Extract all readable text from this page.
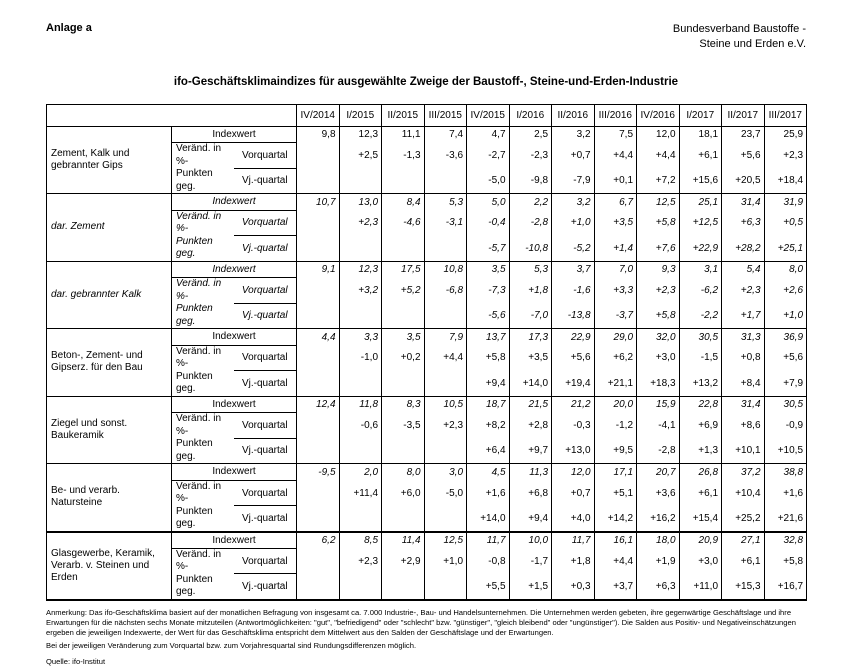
Anlage a	Bundesverband Baustoffe -
Steine und Erden e.V.
ifo-Geschäftsklimaindizes für ausgewählte Zweige der Baustoff-, Steine-und-Erden-Industrie
			IV/2014	I/2015	II/2015	III/2015	IV/2015	I/2016	II/2016	III/2016	IV/2016	I/2017	II/2017	III/2017
Zement, Kalk und gebrannter Gips	Indexwert		9,8	12,3	11,1	7,4	4,7	2,5	3,2	7,5	12,0	18,1	23,7	25,9

	Veränd. in %-
Punkten geg.	Vorquartal		+2,5	-1,3	-3,6	-2,7	-2,3	+0,7	+4,4	+4,4	+6,1	+5,6	+2,3
		Vj.-quartal					-5,0	-9,8	-7,9	+0,1	+7,2	+15,6	+20,5	+18,4
dar. Zement	Indexwert		10,7	13,0	8,4	5,3	5,0	2,2	3,2	6,7	12,5	25,1	31,4	31,9

	Veränd. in %-
Punkten geg.	Vorquartal		+2,3	-4,6	-3,1	-0,4	-2,8	+1,0	+3,5	+5,8	+12,5	+6,3	+0,5
		Vj.-quartal					-5,7	-10,8	-5,2	+1,4	+7,6	+22,9	+28,2	+25,1
dar. gebrannter Kalk	Indexwert		9,1	12,3	17,5	10,8	3,5	5,3	3,7	7,0	9,3	3,1	5,4	8,0

	Veränd. in %-
Punkten geg.	Vorquartal		+3,2	+5,2	-6,8	-7,3	+1,8	-1,6	+3,3	+2,3	-6,2	+2,3	+2,6
		Vj.-quartal					-5,6	-7,0	-13,8	-3,7	+5,8	-2,2	+1,7	+1,0
Beton-, Zement- und Gipserz. für den Bau	Indexwert		4,4	3,3	3,5	7,9	13,7	17,3	22,9	29,0	32,0	30,5	31,3	36,9

	Veränd. in %-
Punkten geg.	Vorquartal		-1,0	+0,2	+4,4	+5,8	+3,5	+5,6	+6,2	+3,0	-1,5	+0,8	+5,6
		Vj.-quartal					+9,4	+14,0	+19,4	+21,1	+18,3	+13,2	+8,4	+7,9
Ziegel und sonst. Baukeramik	Indexwert		12,4	11,8	8,3	10,5	18,7	21,5	21,2	20,0	15,9	22,8	31,4	30,5

	Veränd. in %-
Punkten geg.	Vorquartal		-0,6	-3,5	+2,3	+8,2	+2,8	-0,3	-1,2	-4,1	+6,9	+8,6	-0,9
		Vj.-quartal					+6,4	+9,7	+13,0	+9,5	-2,8	+1,3	+10,1	+10,5
Be- und verarb. Natursteine	Indexwert		-9,5	2,0	8,0	3,0	4,5	11,3	12,0	17,1	20,7	26,8	37,2	38,8

	Veränd. in %-
Punkten geg.	Vorquartal		+11,4	+6,0	-5,0	+1,6	+6,8	+0,7	+5,1	+3,6	+6,1	+10,4	+1,6
		Vj.-quartal					+14,0	+9,4	+4,0	+14,2	+16,2	+15,4	+25,2	+21,6
Glasgewerbe, Keramik, Verarb. v. Steinen und Erden	Indexwert		6,2	8,5	11,4	12,5	11,7	10,0	11,7	16,1	18,0	20,9	27,1	32,8

	Veränd. in %-
Punkten geg.	Vorquartal		+2,3	+2,9	+1,0	-0,8	-1,7	+1,8	+4,4	+1,9	+3,0	+6,1	+5,8
		Vj.-quartal					+5,5	+1,5	+0,3	+3,7	+6,3	+11,0	+15,3	+16,7
Anmerkung: Das ifo-Geschäftsklima basiert auf der monatlichen Befragung von insgesamt ca. 7.000 Industrie-, Bau- und Handelsunternehmen. Die Unternehmen werden gebeten, ihre gegenwärtige Geschäftslage und ihre Erwartungen für die nächsten sechs Monate mitzuteilen (Antwortmöglichkeiten: "gut", "befriedigend" oder "schlecht" bzw. "günstiger", "gleich bleibend" oder "ungünstiger"). Die Salden aus Positiv- und Negativeinschätzungen ergeben die jeweiligen Indexwerte, der Wert für das Geschäftsklima entspricht dem Mittelwert aus den Salden der Geschäftslage und der Erwartungen.
Bei der jeweiligen Veränderung zum Vorquartal bzw. zum Vorjahresquartal sind Rundungsdifferenzen möglich.
Quelle: ifo-Institut
